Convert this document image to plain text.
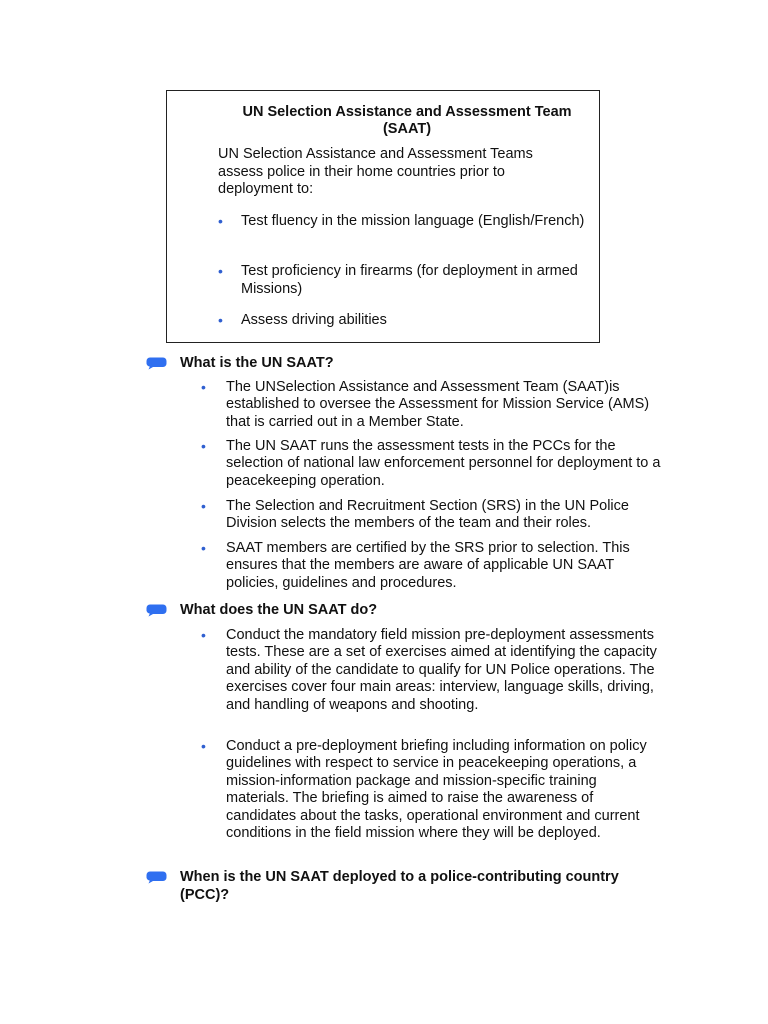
UN Selection Assistance and Assessment Team (SAAT)
UN Selection Assistance and Assessment Teams assess police in their home countries prior to deployment to:
• Test fluency in the mission language (English/French)
• Test proficiency in firearms (for deployment in armed Missions)
• Assess driving abilities
What is the UN SAAT?
• The UNSelection Assistance and Assessment Team (SAAT)is established to oversee the Assessment for Mission Service (AMS) that is carried out in a Member State.
• The UN SAAT runs the assessment tests in the PCCs for the selection of national law enforcement personnel for deployment to a peacekeeping operation.
• The Selection and Recruitment Section (SRS) in the UN Police Division selects the members of the team and their roles.
• SAAT members are certified by the SRS prior to selection. This ensures that the members are aware of applicable UN SAAT policies, guidelines and procedures.
What does the UN SAAT do?
• Conduct the mandatory field mission pre-deployment assessments tests. These are a set of exercises aimed at identifying the capacity and ability of the candidate to qualify for UN Police operations. The exercises cover four main areas: interview, language skills, driving, and handling of weapons and shooting.
• Conduct a pre-deployment briefing including information on policy guidelines with respect to service in peacekeeping operations, a mission-information package and mission-specific training materials. The briefing is aimed to raise the awareness of candidates about the tasks, operational environment and current conditions in the field mission where they will be deployed.
When is the UN SAAT deployed to a police-contributing country (PCC)?
